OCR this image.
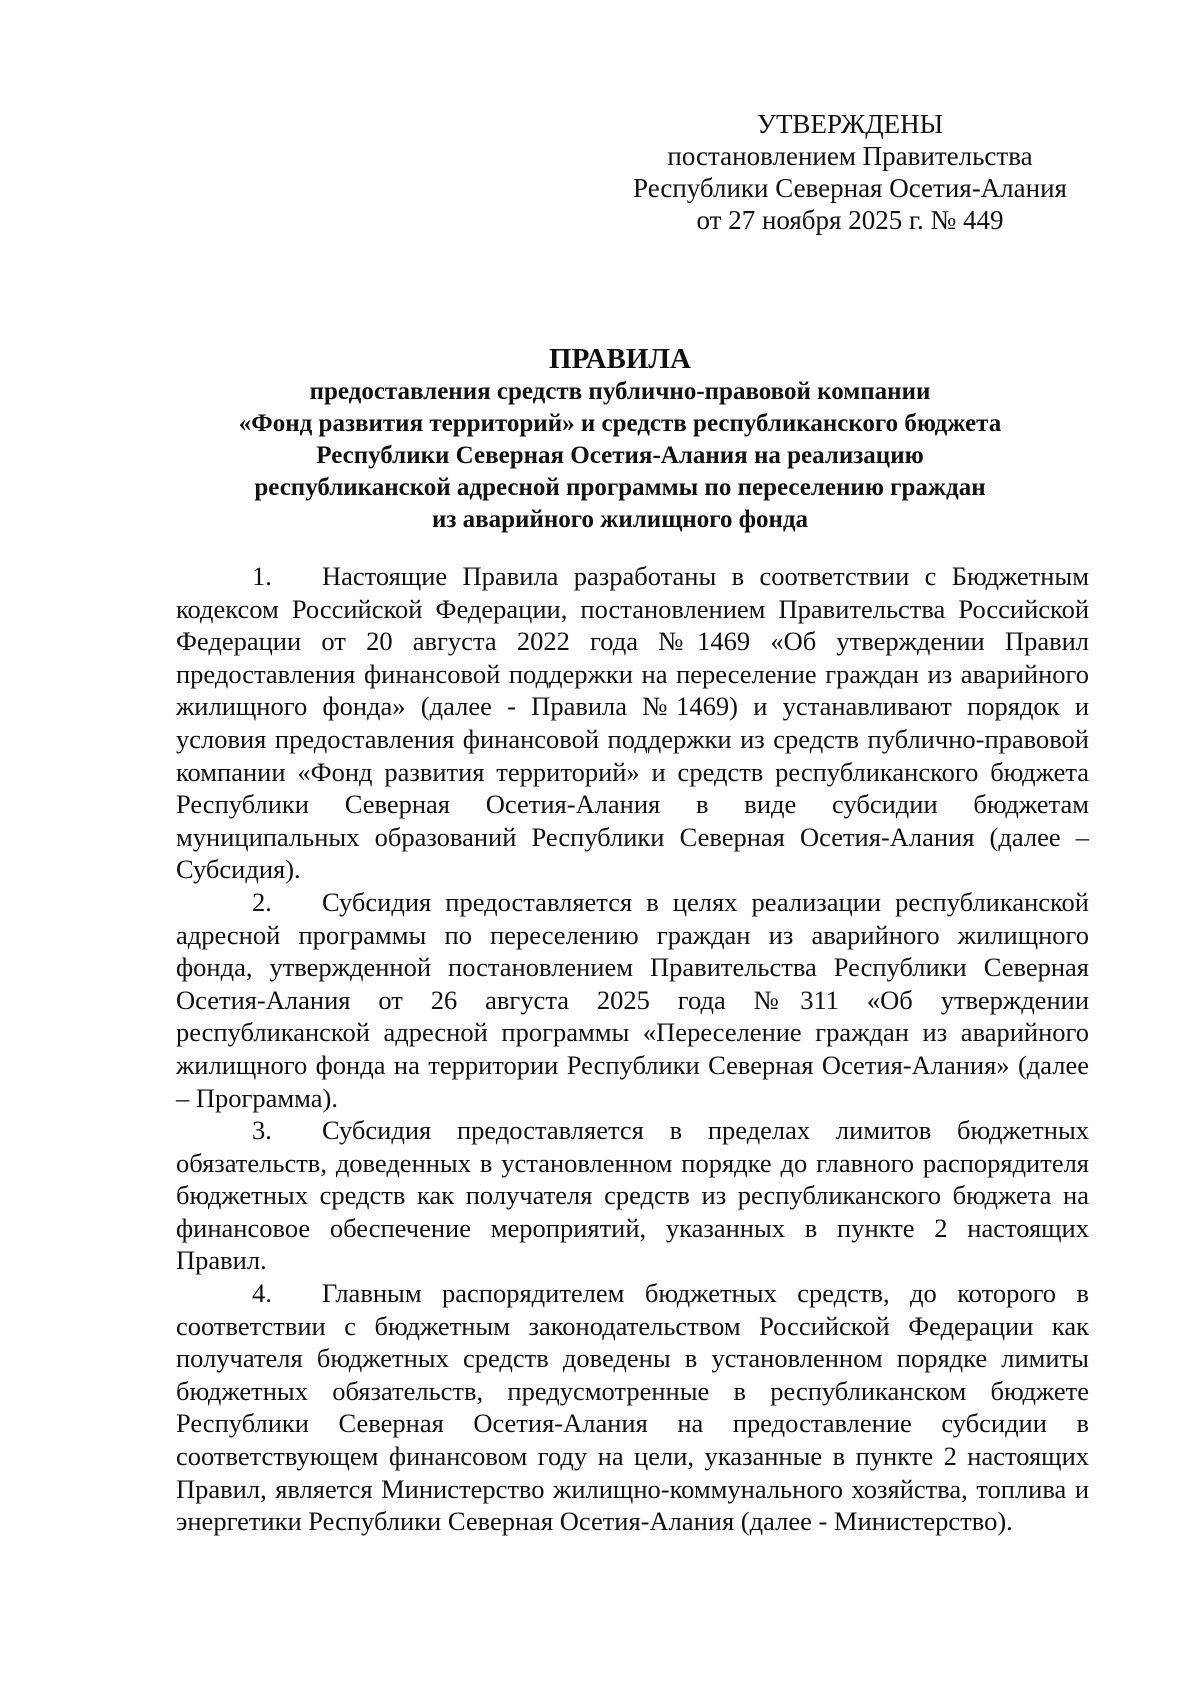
УТВЕРЖДЕНЫ
постановлением Правительства
Республики Северная Осетия-Алания
от 27 ноября 2025 г. № 449
ПРАВИЛА
предоставления средств публично-правовой компании
«Фонд развития территорий» и средств республиканского бюджета
Республики Северная Осетия-Алания на реализацию
республиканской адресной программы по переселению граждан
из аварийного жилищного фонда

1. Настоящие Правила разработаны в соответствии с Бюджетным кодексом Российской Федерации, постановлением Правительства Российской Федерации от 20 августа 2022 года №1469 «Об утверждении Правил предоставления финансовой поддержки на переселение граждан из аварийного жилищного фонда» (далее - Правила №1469) и устанавливают порядок и условия предоставления финансовой поддержки из средств публично-правовой компании «Фонд развития территорий» и средств республиканского бюджета Республики Северная Осетия-Алания в виде субсидии бюджетам муниципальных образований Республики Северная Осетия-Алания (далее – Субсидия).

2. Субсидия предоставляется в целях реализации республиканской адресной программы по переселению граждан из аварийного жилищного фонда, утвержденной постановлением Правительства Республики Северная Осетия-Алания от 26 августа 2025 года №311 «Об утверждении республиканской адресной программы «Переселение граждан из аварийного жилищного фонда на территории Республики Северная Осетия-Алания» (далее – Программа).

3. Субсидия предоставляется в пределах лимитов бюджетных обязательств, доведенных в установленном порядке до главного распорядителя бюджетных средств как получателя средств из республиканского бюджета на финансовое обеспечение мероприятий, указанных в пункте 2 настоящих Правил.

4. Главным распорядителем бюджетных средств, до которого в соответствии с бюджетным законодательством Российской Федерации как получателя бюджетных средств доведены в установленном порядке лимиты бюджетных обязательств, предусмотренные в республиканском бюджете Республики Северная Осетия-Алания на предоставление субсидии в соответствующем финансовом году на цели, указанные в пункте 2 настоящих Правил, является Министерство жилищно-коммунального хозяйства, топлива и энергетики Республики Северная Осетия-Алания (далее - Министерство).
